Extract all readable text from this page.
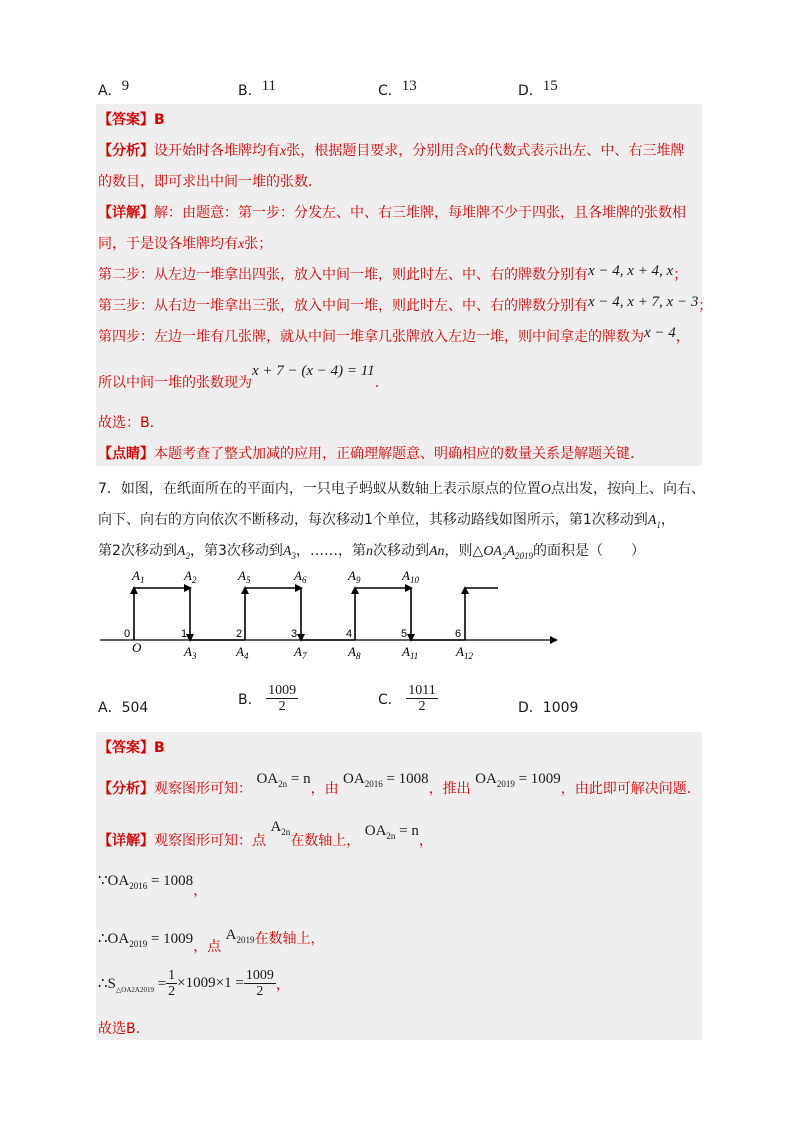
A．9	B．11	C．13	D．15
【答案】B
【分析】设开始时各堆牌均有x张，根据题目要求，分别用含x的代数式表示出左、中、右三堆牌
的数目，即可求出中间一堆的张数.
【详解】解：由题意：第一步：分发左、中、右三堆牌，每堆牌不少于四张，且各堆牌的张数相
同，于是设各堆牌均有x张；
第二步：从左边一堆拿出四张，放入中间一堆，则此时左、中、右的牌数分别有x − 4, x + 4, x；
第三步：从右边一堆拿出三张，放入中间一堆，则此时左、中、右的牌数分别有x − 4, x + 7, x − 3；
第四步：左边一堆有几张牌，就从中间一堆拿几张牌放入左边一堆，则中间拿走的牌数为x − 4，
所以中间一堆的张数现为x + 7 − (x − 4) = 11.
故选：B.
【点睛】本题考查了整式加减的应用，正确理解题意、明确相应的数量关系是解题关键.
7．如图，在纸面所在的平面内，一只电子蚂蚁从数轴上表示原点的位置O点出发，按向上、向右、
向下、向右的方向依次不断移动，每次移动1个单位，其移动路线如图所示，第1次移动到$A_1$，
第2次移动到$A_2$，第3次移动到$A_3$，……，第n次移动到An，则$\triangle OA_2A_{2019}$的面积是（　　）
$A_1$	$A_2$	$A_5$	$A_6$	$A_9$	$A_{10}$
$A_3$	$A_4$	$A_7$	$A_8$	$A_{11}$	$A_{12}$
O
0	1	2	3	4	5	6
A．504
B． $\frac{1009}{2}$	C． $\frac{1011}{2}$	D．1009
【答案】B
【分析】观察图形可知： $OA_{2n} = n$，由 $OA_{2016} = 1008$，推出 $OA_{2019} = 1009$，由此即可解决问题.
【详解】观察图形可知：点 $A_{2n}$在数轴上， $OA_{2n} = n$，
$\because OA_{2016} = 1008$，
$\therefore OA_{2019} = 1009$，点 $A_{2019}$在数轴上，
$\therefore S_{\triangle OA2A2019} = \frac{1}{2} \times 1009\times 1 = \frac{1009}{2}$ ，
故选B.
